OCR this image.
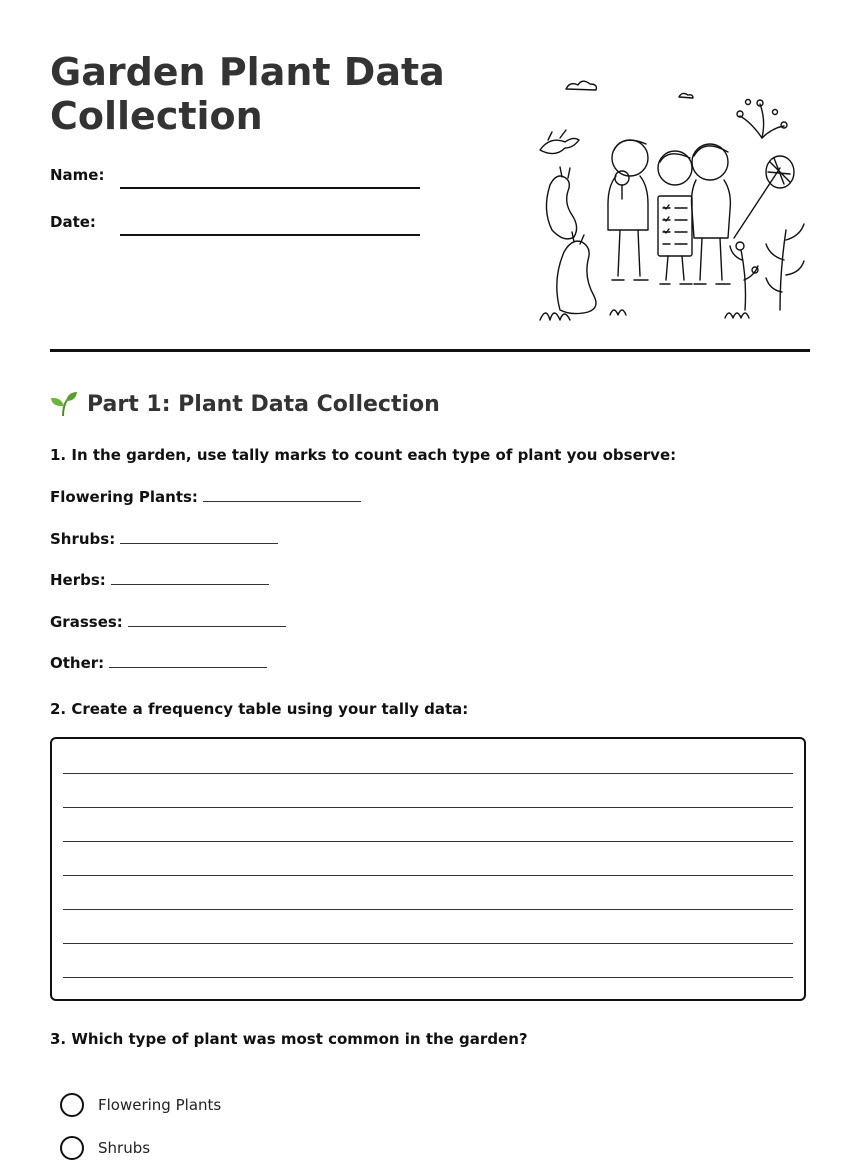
Garden Plant Data Collection
Name:
Date:
Part 1: Plant Data Collection
1. In the garden, use tally marks to count each type of plant you observe:
Flowering Plants:
Shrubs:
Herbs:
Grasses:
Other:
2. Create a frequency table using your tally data:
3. Which type of plant was most common in the garden?
Flowering Plants
Shrubs
